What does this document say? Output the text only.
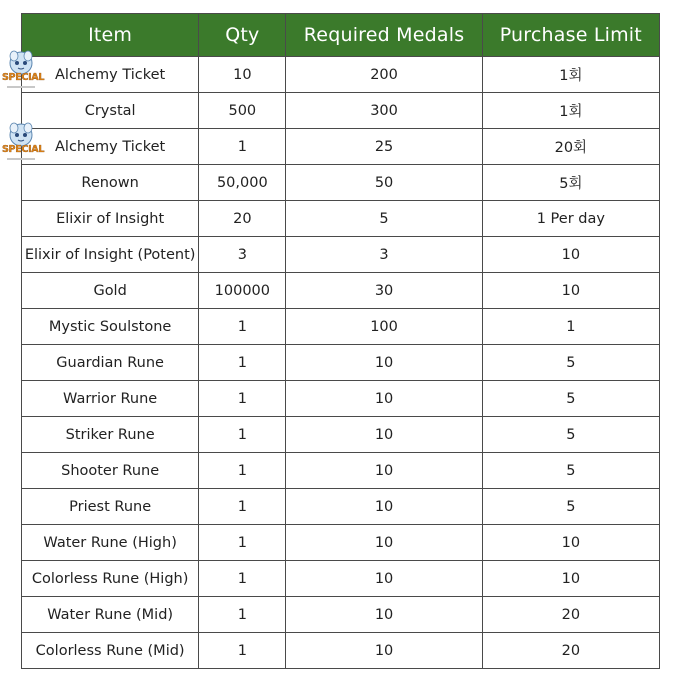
Item	Qty	Required Medals	Purchase Limit
Alchemy Ticket	10	200	1회
Crystal	500	300	1회
Alchemy Ticket	1	25	20회
Renown	50,000	50	5회
Elixir of Insight	20	5	1 Per day
Elixir of Insight (Potent)	3	3	10
Gold	100000	30	10
Mystic Soulstone	1	100	1
Guardian Rune	1	10	5
Warrior Rune	1	10	5
Striker Rune	1	10	5
Shooter Rune	1	10	5
Priest Rune	1	10	5
Water Rune (High)	1	10	10
Colorless Rune (High)	1	10	10
Water Rune (Mid)	1	10	20
Colorless Rune (Mid)	1	10	20
SPECIAL
SPECIAL
